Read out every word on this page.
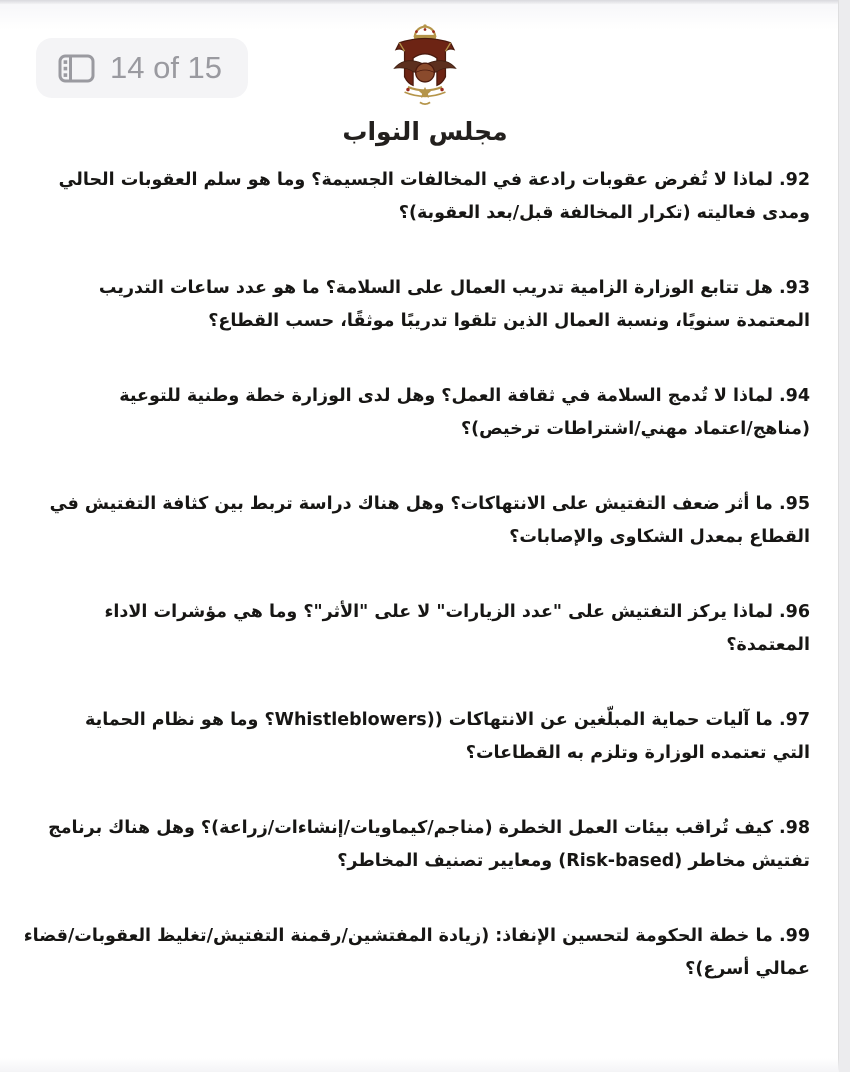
14 of 15
مجلس النواب
92. لماذا لا تُفرض عقوبات رادعة في المخالفات الجسيمة؟ وما هو سلم العقوبات الحالي
ومدى فعاليته (تكرار المخالفة قبل/بعد العقوبة)؟
93. هل تتابع الوزارة الزامية تدريب العمال على السلامة؟ ما هو عدد ساعات التدريب
المعتمدة سنويًا، ونسبة العمال الذين تلقوا تدريبًا موثقًا، حسب القطاع؟
94. لماذا لا تُدمج السلامة في ثقافة العمل؟ وهل لدى الوزارة خطة وطنية للتوعية
(مناهج/اعتماد مهني/اشتراطات ترخيص)؟
95. ما أثر ضعف التفتيش على الانتهاكات؟ وهل هناك دراسة تربط بين كثافة التفتيش في
القطاع بمعدل الشكاوى والإصابات؟
96. لماذا يركز التفتيش على "عدد الزيارات" لا على "الأثر"؟ وما هي مؤشرات الاداء
المعتمدة؟
97. ما آليات حماية المبلّغين عن الانتهاكات ((Whistleblowers؟ وما هو نظام الحماية
التي تعتمده الوزارة وتلزم به القطاعات؟
98. كيف تُراقب بيئات العمل الخطرة (مناجم/كيماويات/إنشاءات/زراعة)؟ وهل هناك برنامج
تفتيش مخاطر (Risk-based) ومعايير تصنيف المخاطر؟
99. ما خطة الحكومة لتحسين الإنفاذ: (زيادة المفتشين/رقمنة التفتيش/تغليظ العقوبات/قضاء
عمالي أسرع)؟
